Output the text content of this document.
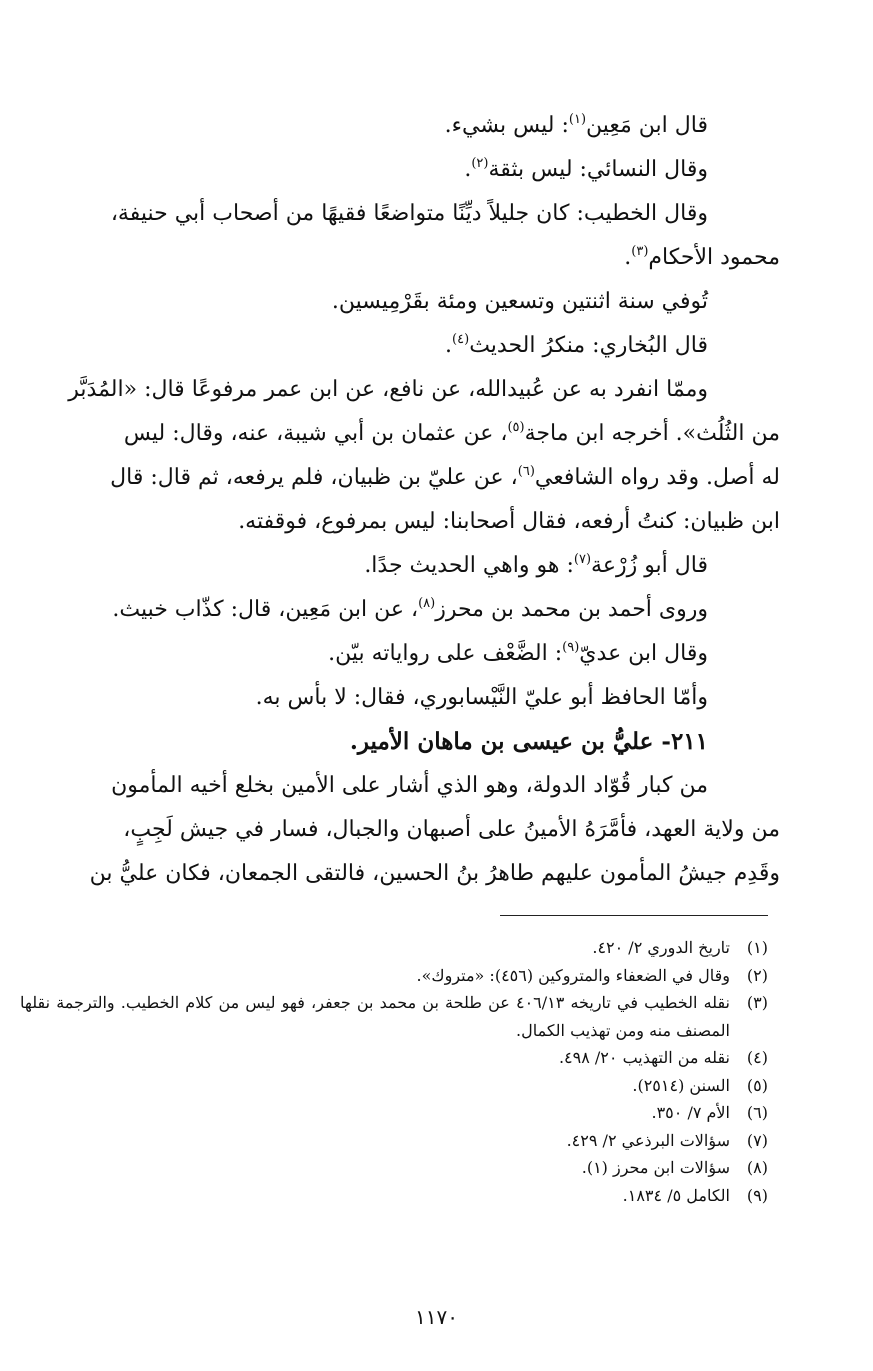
قال ابن مَعِين$^{(١)}$: ليس بشيء.

وقال النسائي: ليس بثقة$^{(٢)}$.

وقال الخطيب: كان جليلاً ديِّنًا متواضعًا فقيهًا من أصحاب أبي حنيفة،

محمود الأحكام$^{(٣)}$.

تُوفي سنة اثنتين وتسعين ومئة بقَرْمِيسين.

قال البُخاري: منكرُ الحديث$^{(٤)}$.

وممّا انفرد به عن عُبيدالله، عن نافع، عن ابن عمر مرفوعًا قال: «المُدَبَّر

من الثُلُث». أخرجه ابن ماجة$^{(٥)}$، عن عثمان بن أبي شيبة، عنه، وقال: ليس

له أصل. وقد رواه الشافعي$^{(٦)}$، عن عليّ بن ظبيان، فلم يرفعه، ثم قال: قال

ابن ظبيان: كنتُ أرفعه، فقال أصحابنا: ليس بمرفوع، فوقفته.

قال أبو زُرْعة$^{(٧)}$: هو واهي الحديث جدًا.

وروى أحمد بن محمد بن محرز$^{(٨)}$، عن ابن مَعِين، قال: كذّاب خبيث.

وقال ابن عديّ$^{(٩)}$: الضَّعْف على رواياته بيّن.

وأمّا الحافظ أبو عليّ النَّيْسابوري، فقال: لا بأس به.

٢١١- عليُّ بن عيسى بن ماهان الأمير.

من كبار قُوّاد الدولة، وهو الذي أشار على الأمين بخلع أخيه المأمون

من ولاية العهد، فأمَّرَهُ الأمينُ على أصبهان والجبال، فسار في جيش لَجِبٍ،

وقَدِم جيشُ المأمون عليهم طاهرُ بنُ الحسين، فالتقى الجمعان، فكان عليُّ بن

(١)
تاريخ الدوري ٢/ ٤٢٠.
(٢)
وقال في الضعفاء والمتروكين (٤٥٦): «متروك».
(٣)
نقله الخطيب في تاريخه ٤٠٦/١٣ عن طلحة بن محمد بن جعفر، فهو ليس من كلام الخطيب. والترجمة نقلها المصنف منه ومن تهذيب الكمال.
(٤)
نقله من التهذيب ٢٠/ ٤٩٨.
(٥)
السنن (٢٥١٤).
(٦)
الأم ٧/ ٣٥٠.
(٧)
سؤالات البرذعي ٢/ ٤٢٩.
(٨)
سؤالات ابن محرز (١).
(٩)
الكامل ٥/ ١٨٣٤.
١١٧٠
